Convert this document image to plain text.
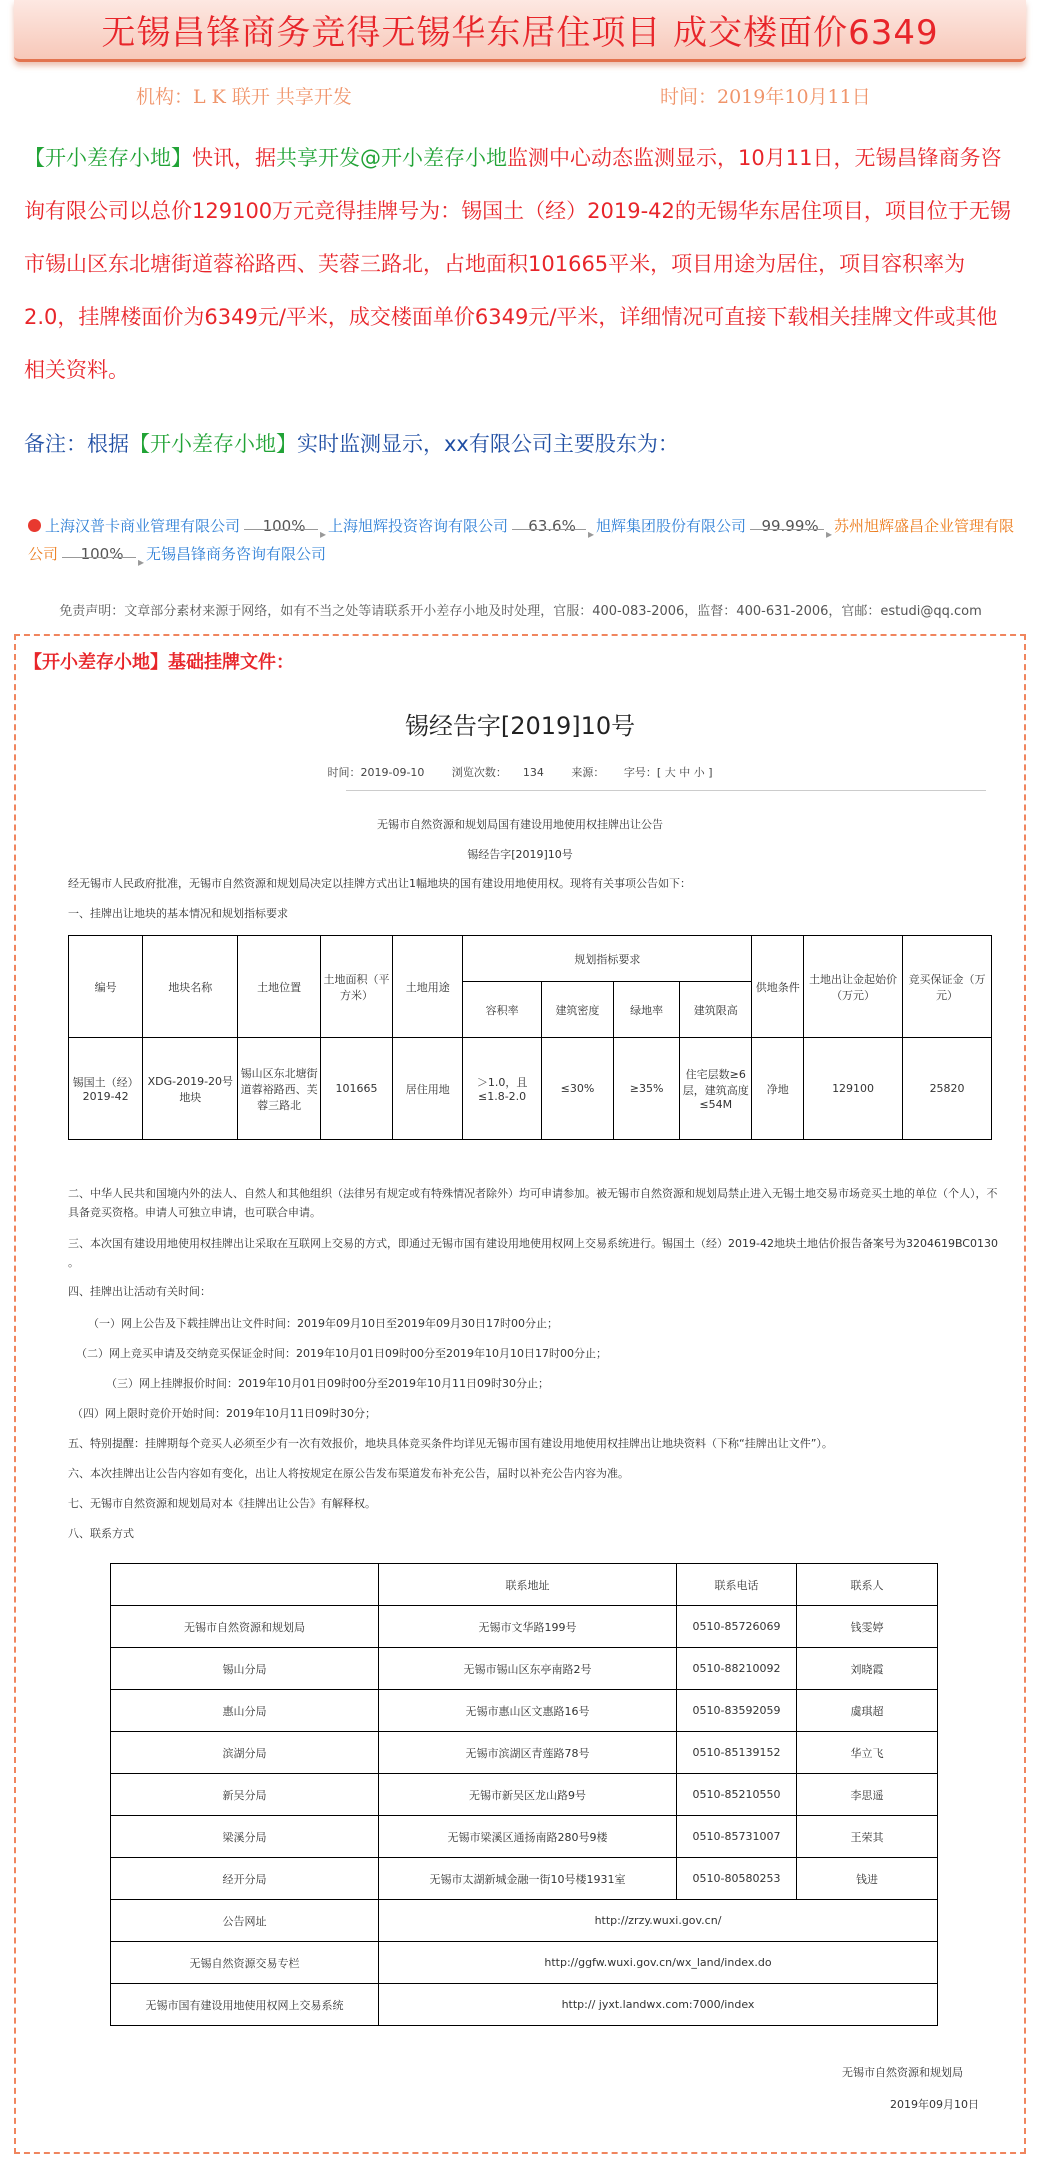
无锡昌锋商务竞得无锡华东居住项目 成交楼面价6349
机构：L K 联开 共享开发	时间：2019年10月11日
【开小差存小地】快讯，据共享开发@开小差存小地监测中心动态监测显示，10月11日，无锡昌锋商务咨询有限公司以总价129100万元竞得挂牌号为：锡国土（经）2019-42的无锡华东居住项目，项目位于无锡市锡山区东北塘街道蓉裕路西、芙蓉三路北，占地面积101665平米，项目用途为居住，项目容积率为2.0，挂牌楼面价为6349元/平米，成交楼面单价6349元/平米，详细情况可直接下载相关挂牌文件或其他相关资料。
备注：根据【开小差存小地】实时监测显示，xx有限公司主要股东为：
上海汉普卡商业管理有限公司 ▸ 100% 上海旭辉投资咨询有限公司 ▸ 63.6% 旭辉集团股份有限公司 ▸ 99.99% 苏州旭辉盛昌企业管理有限公司 ▸ 100% 无锡昌锋商务咨询有限公司
免责声明：文章部分素材来源于网络，如有不当之处等请联系开小差存小地及时处理，官服：400-083-2006，监督：400-631-2006，官邮：estudi@qq.com
【开小差存小地】基础挂牌文件：
锡经告字[2019]10号
时间：2019-09-10	浏览次数： 134	来源： 字号：[ 大 中 小 ]
无锡市自然资源和规划局国有建设用地使用权挂牌出让公告
锡经告字[2019]10号
经无锡市人民政府批准，无锡市自然资源和规划局决定以挂牌方式出让1幅地块的国有建设用地使用权。现将有关事项公告如下：
一、挂牌出让地块的基本情况和规划指标要求
编号	地块名称	土地位置	土地面积（平方米）	土地用途	规划指标要求				供地条件	土地出让金起始价（万元）	竞买保证金（万元）
					容积率	建筑密度	绿地率	建筑限高			
锡国土（经）2019-42	XDG-2019-20号地块	锡山区东北塘街道蓉裕路西、芙蓉三路北	101665	居住用地	＞1.0，且≤1.8-2.0	≤30%	≥35%	住宅层数≥6层，建筑高度≤54M	净地	129100	25820
二、中华人民共和国境内外的法人、自然人和其他组织（法律另有规定或有特殊情况者除外）均可申请参加。被无锡市自然资源和规划局禁止进入无锡土地交易市场竞买土地的单位（个人），不具备竞买资格。申请人可独立申请，也可联合申请。
三、本次国有建设用地使用权挂牌出让采取在互联网上交易的方式，即通过无锡市国有建设用地使用权网上交易系统进行。锡国土（经）2019-42地块土地估价报告备案号为3204619BC0130 。
四、挂牌出让活动有关时间：
（一）网上公告及下载挂牌出让文件时间：2019年09月10日至2019年09月30日17时00分止；
（二）网上竞买申请及交纳竞买保证金时间：2019年10月01日09时00分至2019年10月10日17时00分止；
（三）网上挂牌报价时间：2019年10月01日09时00分至2019年10月11日09时30分止；
（四）网上限时竞价开始时间：2019年10月11日09时30分；
五、特别提醒：挂牌期每个竞买人必须至少有一次有效报价，地块具体竞买条件均详见无锡市国有建设用地使用权挂牌出让地块资料（下称“挂牌出让文件”）。
六、本次挂牌出让公告内容如有变化，出让人将按规定在原公告发布渠道发布补充公告，届时以补充公告内容为准。
七、无锡市自然资源和规划局对本《挂牌出让公告》有解释权。
八、联系方式
	联系地址	联系电话	联系人
无锡市自然资源和规划局	无锡市文华路199号	0510-85726069	钱雯婷
锡山分局	无锡市锡山区东亭南路2号	0510-88210092	刘晓霞
惠山分局	无锡市惠山区文惠路16号	0510-83592059	虞琪超
滨湖分局	无锡市滨湖区青莲路78号	0510-85139152	华立飞
新吴分局	无锡市新吴区龙山路9号	0510-85210550	李思遥
梁溪分局	无锡市梁溪区通扬南路280号9楼	0510-85731007	王荣其
经开分局	无锡市太湖新城金融一街10号楼1931室	0510-80580253	钱进
公告网址	http://zrzy.wuxi.gov.cn/		
无锡自然资源交易专栏	http://ggfw.wuxi.gov.cn/wx_land/index.do		
无锡市国有建设用地使用权网上交易系统	http:// jyxt.landwx.com:7000/index		
无锡市自然资源和规划局
2019年09月10日
